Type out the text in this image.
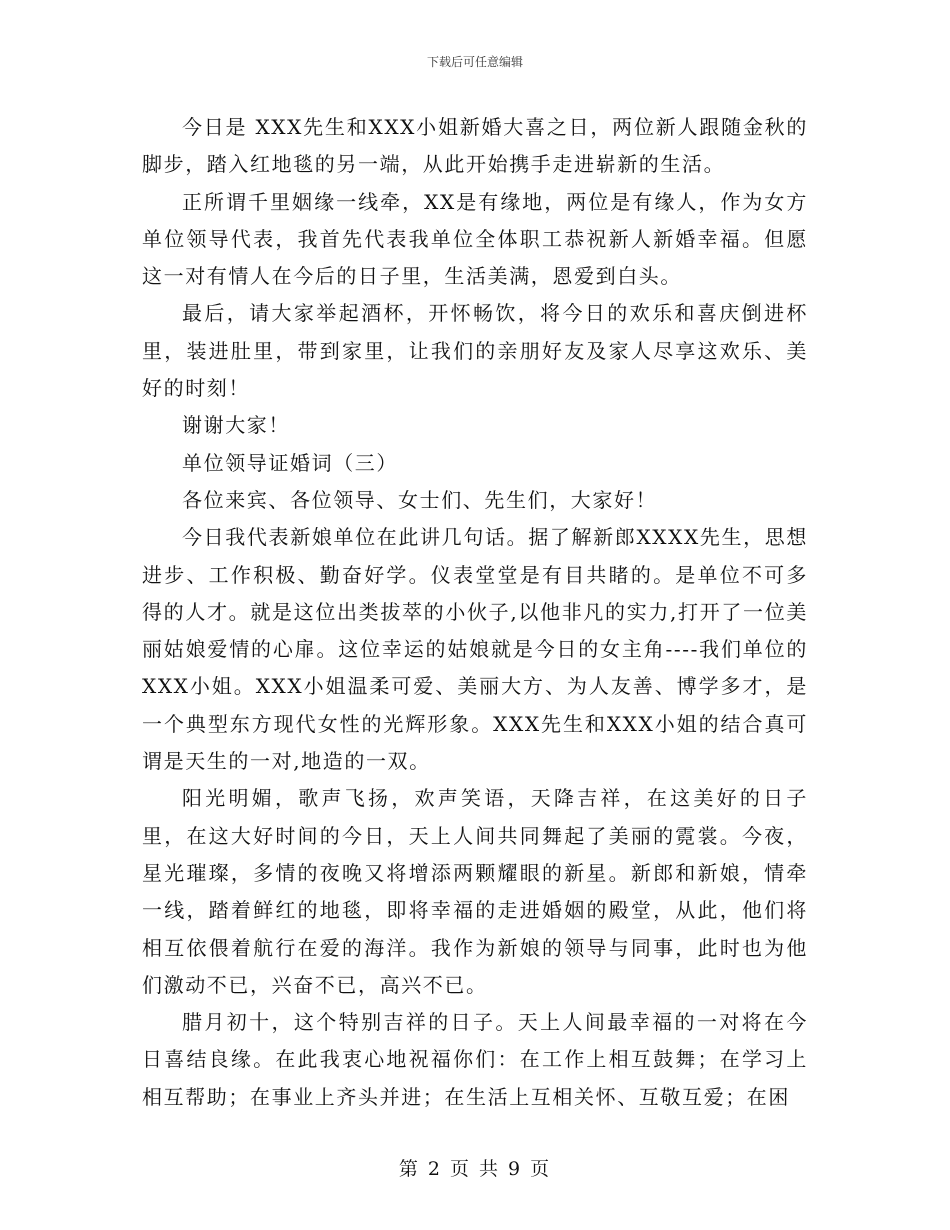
下载后可任意编辑

今日是 XXX先生和XXX小姐新婚大喜之日，两位新人跟随金秋的脚步，踏入红地毯的另一端，从此开始携手走进崭新的生活。

正所谓千里姻缘一线牵，XX是有缘地，两位是有缘人，作为女方单位领导代表，我首先代表我单位全体职工恭祝新人新婚幸福。但愿这一对有情人在今后的日子里，生活美满，恩爱到白头。

最后，请大家举起酒杯，开怀畅饮，将今日的欢乐和喜庆倒进杯里，装进肚里，带到家里，让我们的亲朋好友及家人尽享这欢乐、美好的时刻！

谢谢大家！

单位领导证婚词（三）

各位来宾、各位领导、女士们、先生们，大家好！

今日我代表新娘单位在此讲几句话。据了解新郎XXXX先生，思想进步、工作积极、勤奋好学。仪表堂堂是有目共睹的。是单位不可多得的人才。就是这位出类拔萃的小伙子,以他非凡的实力,打开了一位美丽姑娘爱情的心扉。这位幸运的姑娘就是今日的女主角----我们单位的XXX小姐。XXX小姐温柔可爱、美丽大方、为人友善、博学多才，是一个典型东方现代女性的光辉形象。XXX先生和XXX小姐的结合真可谓是天生的一对,地造的一双。

阳光明媚，歌声飞扬，欢声笑语，天降吉祥，在这美好的日子里，在这大好时间的今日，天上人间共同舞起了美丽的霓裳。今夜，星光璀璨，多情的夜晚又将增添两颗耀眼的新星。新郎和新娘，情牵一线，踏着鲜红的地毯，即将幸福的走进婚姻的殿堂，从此，他们将相互依偎着航行在爱的海洋。我作为新娘的领导与同事，此时也为他们激动不已，兴奋不已，高兴不已。

腊月初十，这个特别吉祥的日子。天上人间最幸福的一对将在今日喜结良缘。在此我衷心地祝福你们：在工作上相互鼓舞；在学习上相互帮助；在事业上齐头并进；在生活上互相关怀、互敬互爱；在困

第 2 页 共 9 页
